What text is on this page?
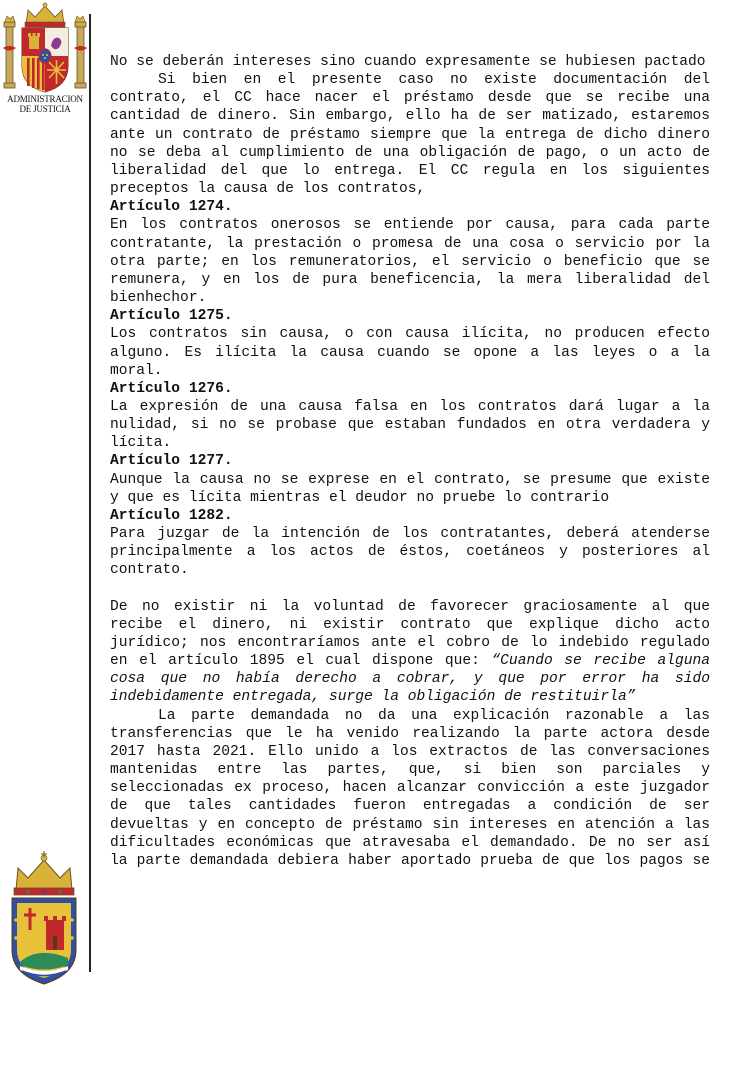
ADMINISTRACION
DE JUSTICIA

No se deberán intereses sino cuando expresamente se hubiesen pactado

Si bien en el presente caso no existe documentación del contrato, el CC hace nacer el préstamo desde que se recibe una cantidad de dinero. Sin embargo, ello ha de ser matizado, estaremos ante un contrato de préstamo siempre que la entrega de dicho dinero no se deba al cumplimiento de una obligación de pago, o un acto de liberalidad del que lo entrega. El CC regula en los siguientes preceptos la causa de los contratos,

Artículo 1274.

En los contratos onerosos se entiende por causa, para cada parte contratante, la prestación o promesa de una cosa o servicio por la otra parte; en los remuneratorios, el servicio o beneficio que se remunera, y en los de pura beneficencia, la mera liberalidad del bienhechor.

Artículo 1275.

Los contratos sin causa, o con causa ilícita, no producen efecto alguno. Es ilícita la causa cuando se opone a las leyes o a la moral.

Artículo 1276.

La expresión de una causa falsa en los contratos dará lugar a la nulidad, si no se probase que estaban fundados en otra verdadera y lícita.

Artículo 1277.

Aunque la causa no se exprese en el contrato, se presume que existe y que es lícita mientras el deudor no pruebe lo contrario

Artículo 1282.

Para juzgar de la intención de los contratantes, deberá atenderse principalmente a los actos de éstos, coetáneos y posteriores al contrato.

De no existir ni la voluntad de favorecer graciosamente al que recibe el dinero, ni existir contrato que explique dicho acto jurídico; nos encontraríamos ante el cobro de lo indebido regulado en el artículo 1895 el cual dispone que: “Cuando se recibe alguna cosa que no había derecho a cobrar, y que por error ha sido indebidamente entregada, surge la obligación de restituirla”

La parte demandada no da una explicación razonable a las transferencias que le ha venido realizando la parte actora desde 2017 hasta 2021. Ello unido a los extractos de las conversaciones mantenidas entre las partes, que, si bien son parciales y seleccionadas ex proceso, hacen alcanzar convicción a este juzgador de que tales cantidades fueron entregadas a condición de ser devueltas y en concepto de préstamo sin intereses en atención a las dificultades económicas que atravesaba el demandado. De no ser así la parte demandada debiera haber aportado prueba de que los pagos se
